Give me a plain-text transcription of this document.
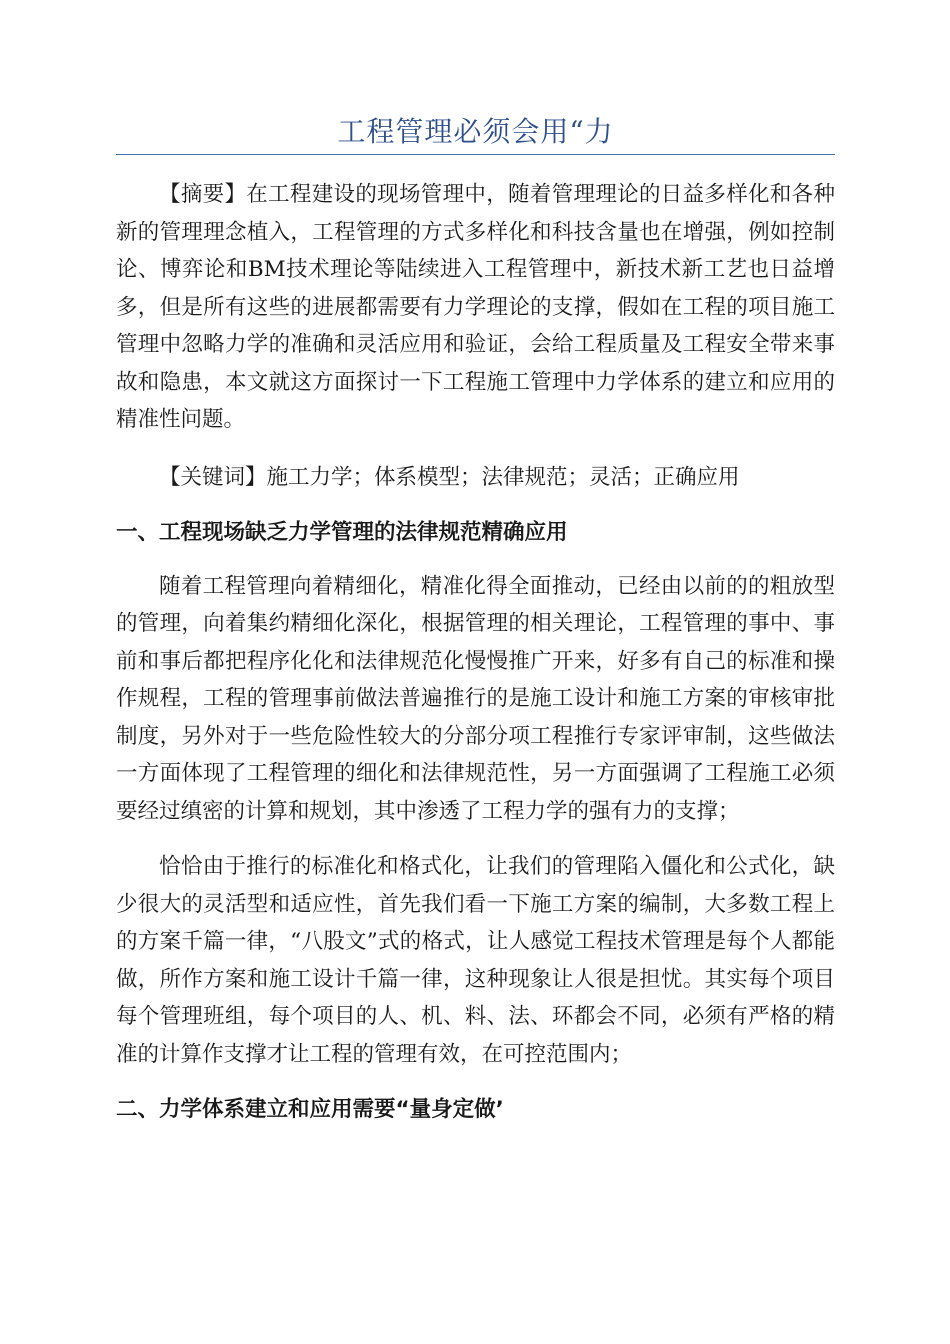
工程管理必须会用“力

【摘要】在工程建设的现场管理中，随着管理理论的日益多样化和各种新的管理理念植入，工程管理的方式多样化和科技含量也在增强，例如控制论、博弈论和BM技术理论等陆续进入工程管理中，新技术新工艺也日益增多，但是所有这些的进展都需要有力学理论的支撑，假如在工程的项目施工管理中忽略力学的准确和灵活应用和验证，会给工程质量及工程安全带来事故和隐患，本文就这方面探讨一下工程施工管理中力学体系的建立和应用的精准性问题。

【关键词】施工力学；体系模型；法律规范；灵活；正确应用

一、工程现场缺乏力学管理的法律规范精确应用

随着工程管理向着精细化，精准化得全面推动，已经由以前的的粗放型的管理，向着集约精细化深化，根据管理的相关理论，工程管理的事中、事前和事后都把程序化化和法律规范化慢慢推广开来，好多有自己的标准和操作规程，工程的管理事前做法普遍推行的是施工设计和施工方案的审核审批制度，另外对于一些危险性较大的分部分项工程推行专家评审制，这些做法一方面体现了工程管理的细化和法律规范性，另一方面强调了工程施工必须要经过缜密的计算和规划，其中渗透了工程力学的强有力的支撑；

恰恰由于推行的标准化和格式化，让我们的管理陷入僵化和公式化，缺少很大的灵活型和适应性，首先我们看一下施工方案的编制，大多数工程上的方案千篇一律，“八股文”式的格式，让人感觉工程技术管理是每个人都能做，所作方案和施工设计千篇一律，这种现象让人很是担忧。其实每个项目每个管理班组，每个项目的人、机、料、法、环都会不同，必须有严格的精准的计算作支撑才让工程的管理有效，在可控范围内；

二、力学体系建立和应用需要“量身定做’
